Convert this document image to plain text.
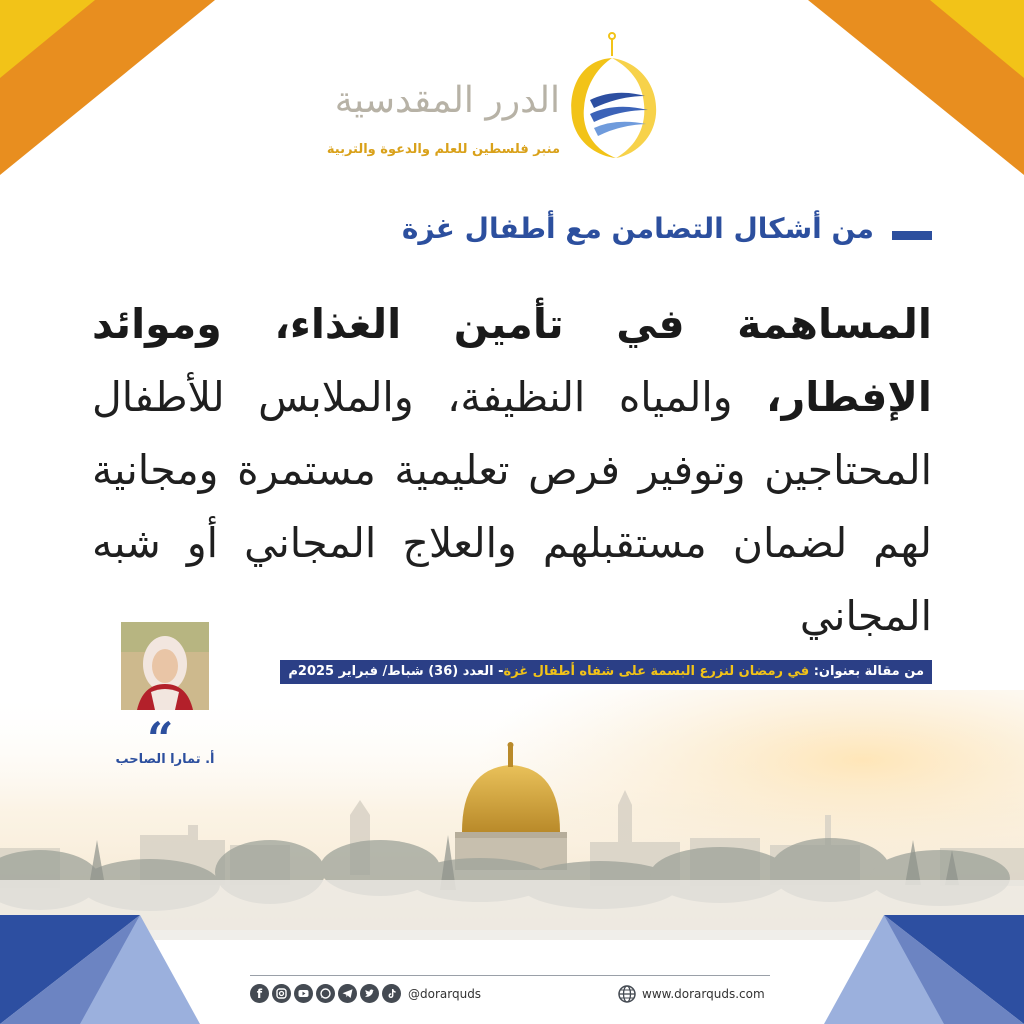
الدرر المقدسية
منبر فلسطين للعلم والدعوة والتربية
من أشكال التضامن مع أطفال غزة
المساهمة في تأمين الغذاء، وموائد الإفطار، والمياه النظيفة، والملابس للأطفال المحتاجين وتوفير فرص تعليمية مستمرة ومجانية لهم لضمان مستقبلهم والعلاج المجاني أو شبه المجاني
من مقالة بعنوان: في رمضان لنزرع البسمة على شفاه أطفال غزة- العدد (36) شباط/ فبراير 2025م
“
أ. تمارا الصاحب
f	@dorarquds	www.dorarquds.com
